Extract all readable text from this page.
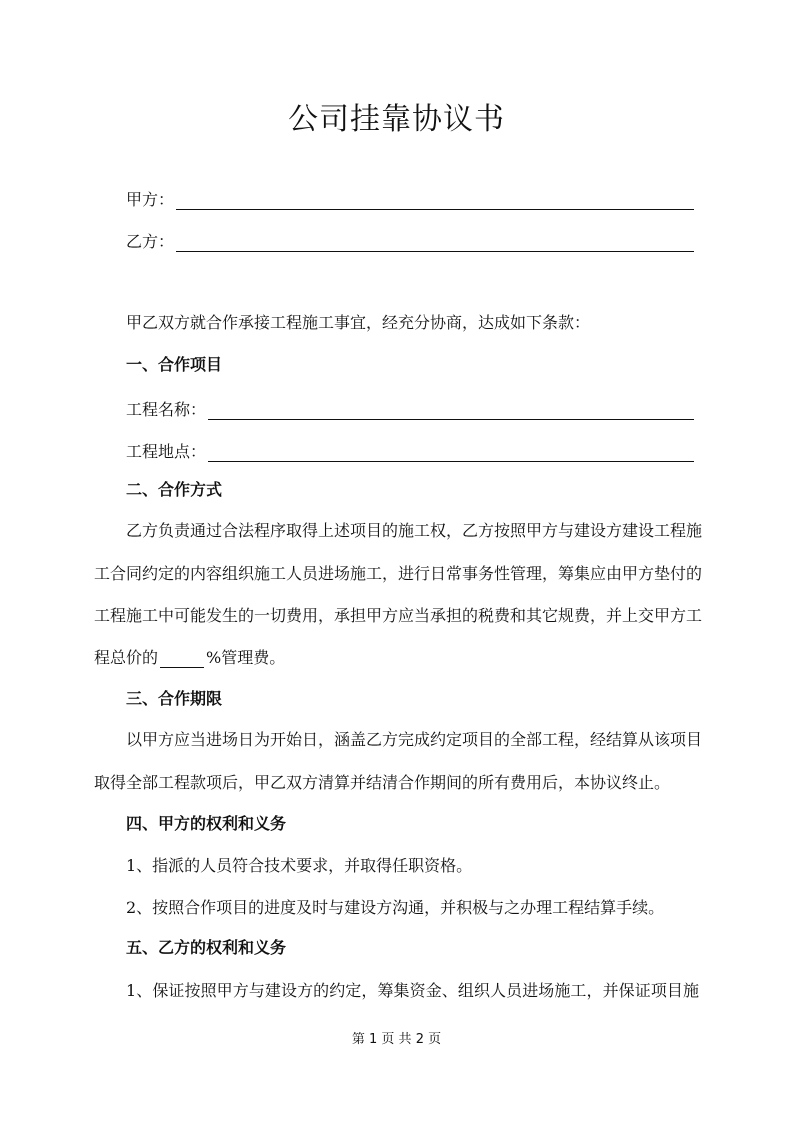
公司挂靠协议书
甲方：
乙方：
甲乙双方就合作承接工程施工事宜，经充分协商，达成如下条款：
一、合作项目
工程名称：
工程地点：
二、合作方式
乙方负责通过合法程序取得上述项目的施工权，乙方按照甲方与建设方建设工程施
工合同约定的内容组织施工人员进场施工，进行日常事务性管理，筹集应由甲方垫付的
工程施工中可能发生的一切费用，承担甲方应当承担的税费和其它规费，并上交甲方工
程总价的	%管理费。
三、合作期限
以甲方应当进场日为开始日，涵盖乙方完成约定项目的全部工程，经结算从该项目
取得全部工程款项后，甲乙双方清算并结清合作期间的所有费用后，本协议终止。
四、甲方的权利和义务
1、指派的人员符合技术要求，并取得任职资格。
2、按照合作项目的进度及时与建设方沟通，并积极与之办理工程结算手续。
五、乙方的权利和义务
1、保证按照甲方与建设方的约定，筹集资金、组织人员进场施工，并保证项目施
第 1 页 共 2 页
